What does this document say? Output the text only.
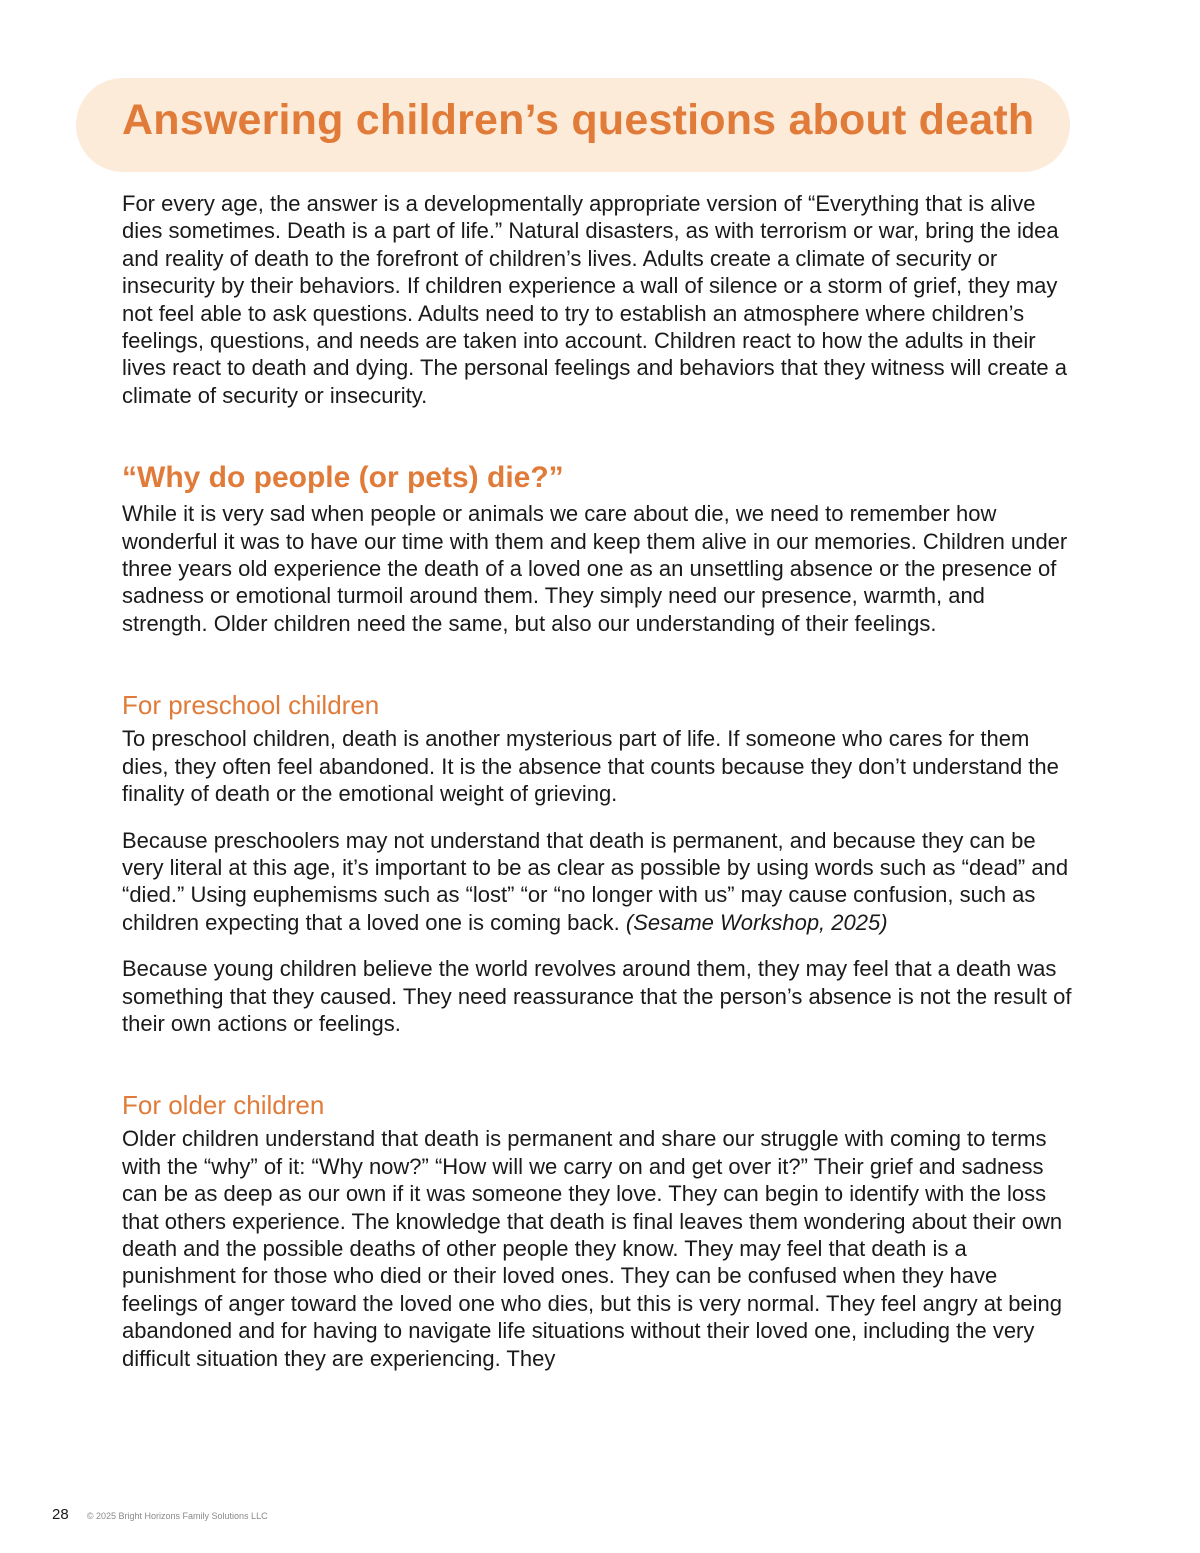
Answering children’s questions about death

For every age, the answer is a developmentally appropriate version of “Everything that is alive dies sometimes. Death is a part of life.” Natural disasters, as with terrorism or war, bring the idea and reality of death to the forefront of children’s lives. Adults create a climate of security or insecurity by their behaviors. If children experience a wall of silence or a storm of grief, they may not feel able to ask questions. Adults need to try to establish an atmosphere where children’s feelings, questions, and needs are taken into account. Children react to how the adults in their lives react to death and dying. The personal feelings and behaviors that they witness will create a climate of security or insecurity.

“Why do people (or pets) die?”

While it is very sad when people or animals we care about die, we need to remember how wonderful it was to have our time with them and keep them alive in our memories. Children under three years old experience the death of a loved one as an unsettling absence or the presence of sadness or emotional turmoil around them. They simply need our presence, warmth, and strength. Older children need the same, but also our understanding of their feelings.

For preschool children

To preschool children, death is another mysterious part of life. If someone who cares for them dies, they often feel abandoned. It is the absence that counts because they don’t understand the finality of death or the emotional weight of grieving.

Because preschoolers may not understand that death is permanent, and because they can be very literal at this age, it’s important to be as clear as possible by using words such as “dead” and “died.” Using euphemisms such as “lost” “or “no longer with us” may cause confusion, such as children expecting that a loved one is coming back. (Sesame Workshop, 2025)

Because young children believe the world revolves around them, they may feel that a death was something that they caused. They need reassurance that the person’s absence is not the result of their own actions or feelings.

For older children

Older children understand that death is permanent and share our struggle with coming to terms with the “why” of it: “Why now?” “How will we carry on and get over it?” Their grief and sadness can be as deep as our own if it was someone they love. They can begin to identify with the loss that others experience. The knowledge that death is final leaves them wondering about their own death and the possible deaths of other people they know. They may feel that death is a punishment for those who died or their loved ones. They can be confused when they have feelings of anger toward the loved one who dies, but this is very normal. They feel angry at being abandoned and for having to navigate life situations without their loved one, including the very difficult situation they are experiencing. They

28 © 2025 Bright Horizons Family Solutions LLC
